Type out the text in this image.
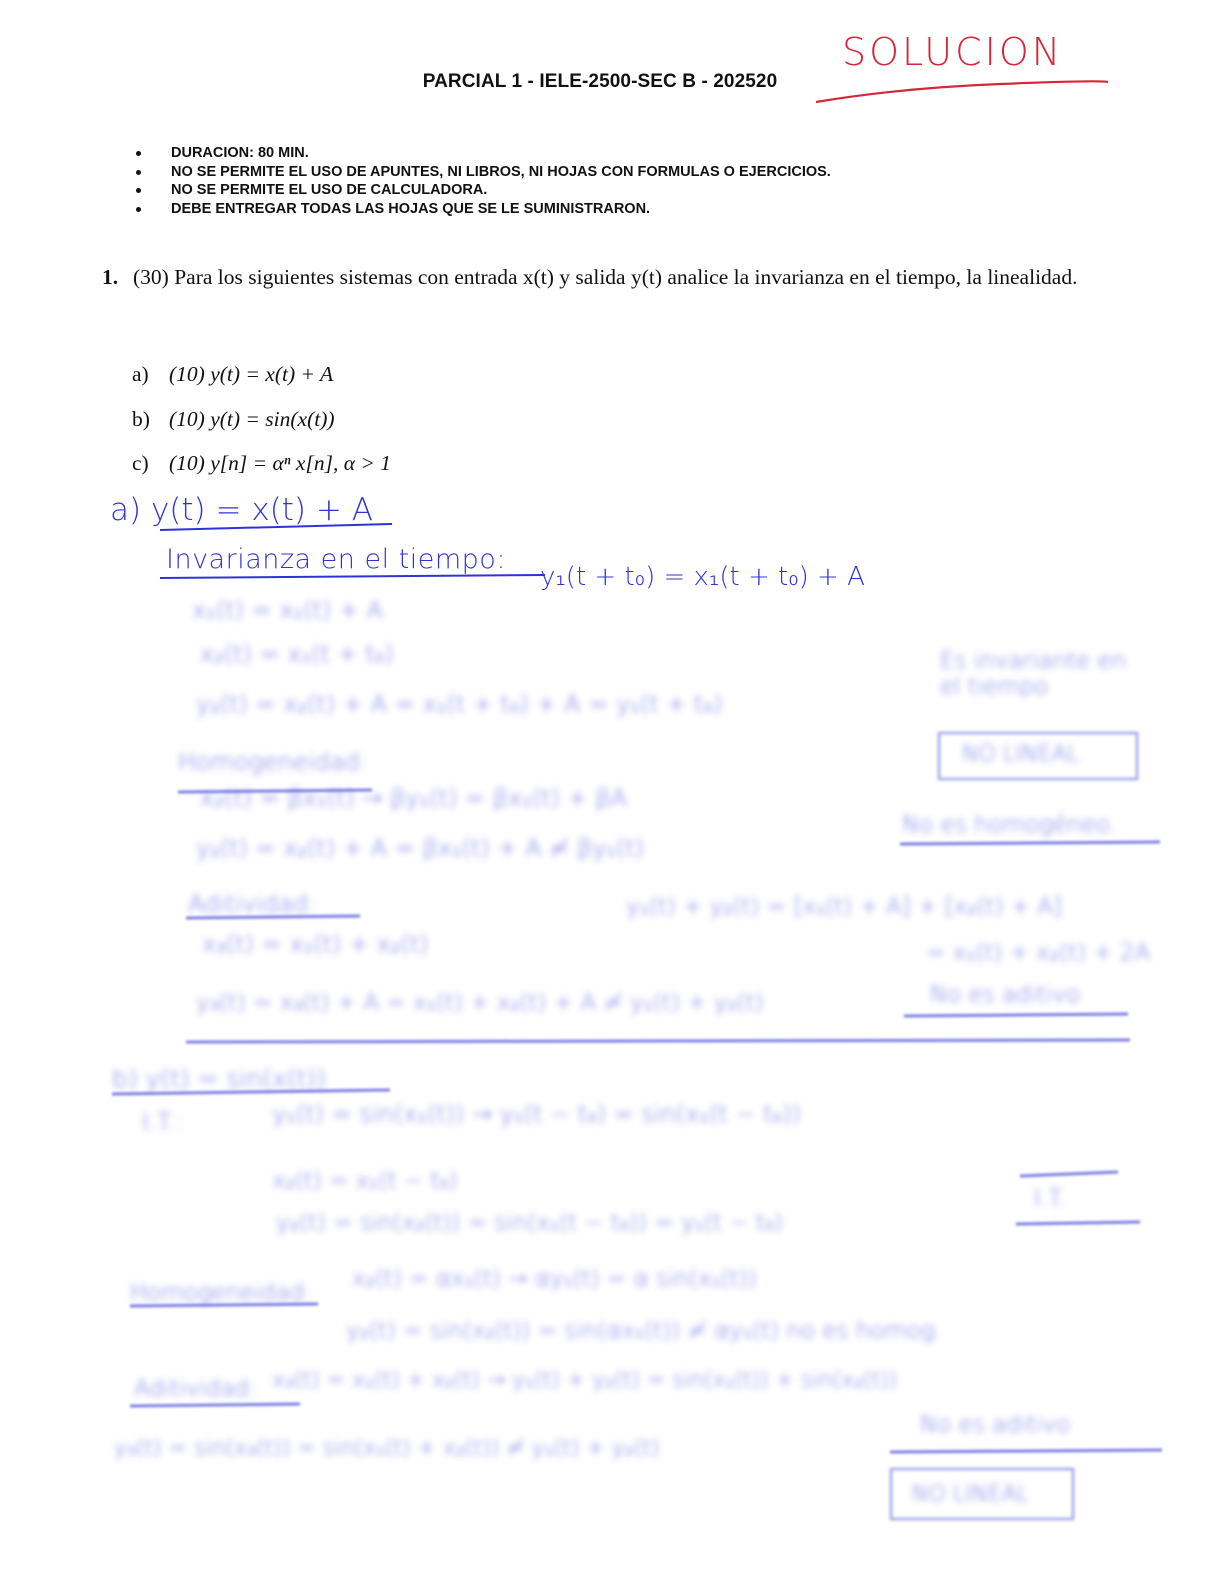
PARCIAL 1 - IELE-2500-SEC B - 202520
SOLUCION
DURACION: 80 MIN.
NO SE PERMITE EL USO DE APUNTES, NI LIBROS, NI HOJAS CON FORMULAS O EJERCICIOS.
NO SE PERMITE EL USO DE CALCULADORA.
DEBE ENTREGAR TODAS LAS HOJAS QUE SE LE SUMINISTRARON.
1. (30) Para los siguientes sistemas con entrada x(t) y salida y(t) analice la invarianza en el tiempo, la linealidad.
a) (10) y(t) = x(t) + A
b) (10) y(t) = sin(x(t))
c) (10) y[n] = αⁿ x[n], α > 1
a) y(t) = x(t) + A
Invarianza en el tiempo:
y₁(t + t₀) = x₁(t + t₀) + A
x₁(t) = x₁(t) + A
x₂(t) = x₁(t + t₀)
y₂(t) = x₂(t) + A = x₁(t + t₀) + A = y₁(t + t₀)
Es invariante en el tiempo
Homogeneidad:	NO LINEAL
x₂(t) = βx₁(t) → βy₁(t) = βx₁(t) + βA
y₂(t) = x₂(t) + A = βx₁(t) + A ≠ βy₁(t)
No es homogéneo.
Aditividad:
x₃(t) = x₁(t) + x₂(t)
y₁(t) + y₂(t) = [x₁(t) + A] + [x₂(t) + A]
= x₁(t) + x₂(t) + 2A
y₃(t) = x₃(t) + A = x₁(t) + x₂(t) + A ≠ y₁(t) + y₂(t)	No es aditivo
b) y(t) = sin(x(t))
I.T.:	y₁(t) = sin(x₁(t)) → y₁(t − t₀) = sin(x₁(t − t₀))
x₂(t) = x₁(t − t₀)
y₂(t) = sin(x₂(t)) = sin(x₁(t − t₀)) = y₁(t − t₀)
I.T.
Homogeneidad:
x₂(t) = αx₁(t) → αy₁(t) = α sin(x₁(t))
y₂(t) = sin(x₂(t)) = sin(αx₁(t)) ≠ αy₁(t) no es homog.
Aditividad: x₃(t) = x₁(t) + x₂(t) → y₁(t) + y₂(t) = sin(x₁(t)) + sin(x₂(t))
y₃(t) = sin(x₃(t)) = sin(x₁(t) + x₂(t)) ≠ y₁(t) + y₂(t)
No es aditivo
NO LINEAL
